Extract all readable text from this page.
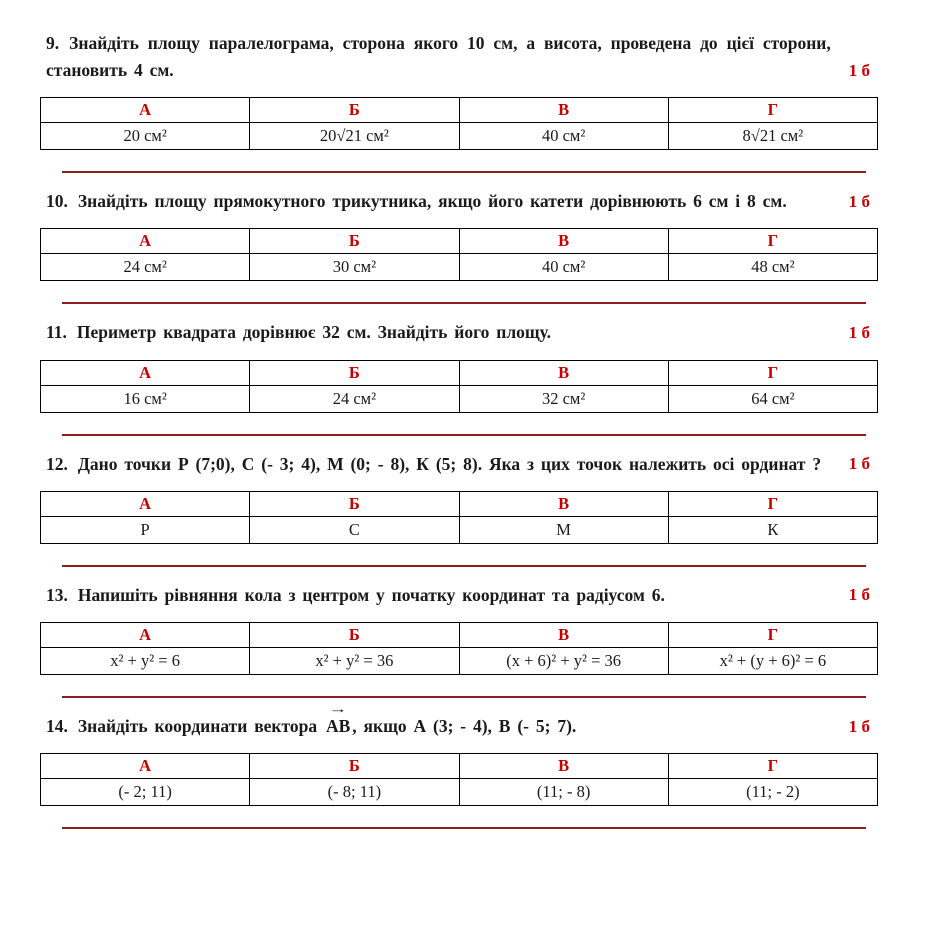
9. Знайдіть площу паралелограма, сторона якого 10 см, а висота, проведена до цієї сторони, становить 4 см.	1 б
А	Б	В	Г
20 см²	20√21 см²	40 см²	8√21 см²

10. Знайдіть площу прямокутного трикутника, якщо його катети дорівнюють 6 см і 8 см.	1 б
А	Б	В	Г
24 см²	30 см²	40 см²	48 см²

11. Периметр квадрата дорівнює 32 см. Знайдіть його площу.	1 б
А	Б	В	Г
16 см²	24 см²	32 см²	64 см²

12. Дано точки Р (7;0), С (- 3; 4), М (0; - 8), К (5; 8). Яка з цих точок належить осі ординат ?	1 б
А	Б	В	Г
Р	С	М	К

13. Напишіть рівняння кола з центром у початку координат та радіусом 6.	1 б
А	Б	В	Г
х² + у² = 6	х² + у² = 36	(х + 6)² + у² = 36	х² + (у + 6)² = 6

14. Знайдіть координати вектора → АВ , якщо А (3; - 4), В (- 5; 7).	1 б
А	Б	В	Г
(- 2; 11)	(- 8; 11)	(11; - 8)	(11; - 2)
